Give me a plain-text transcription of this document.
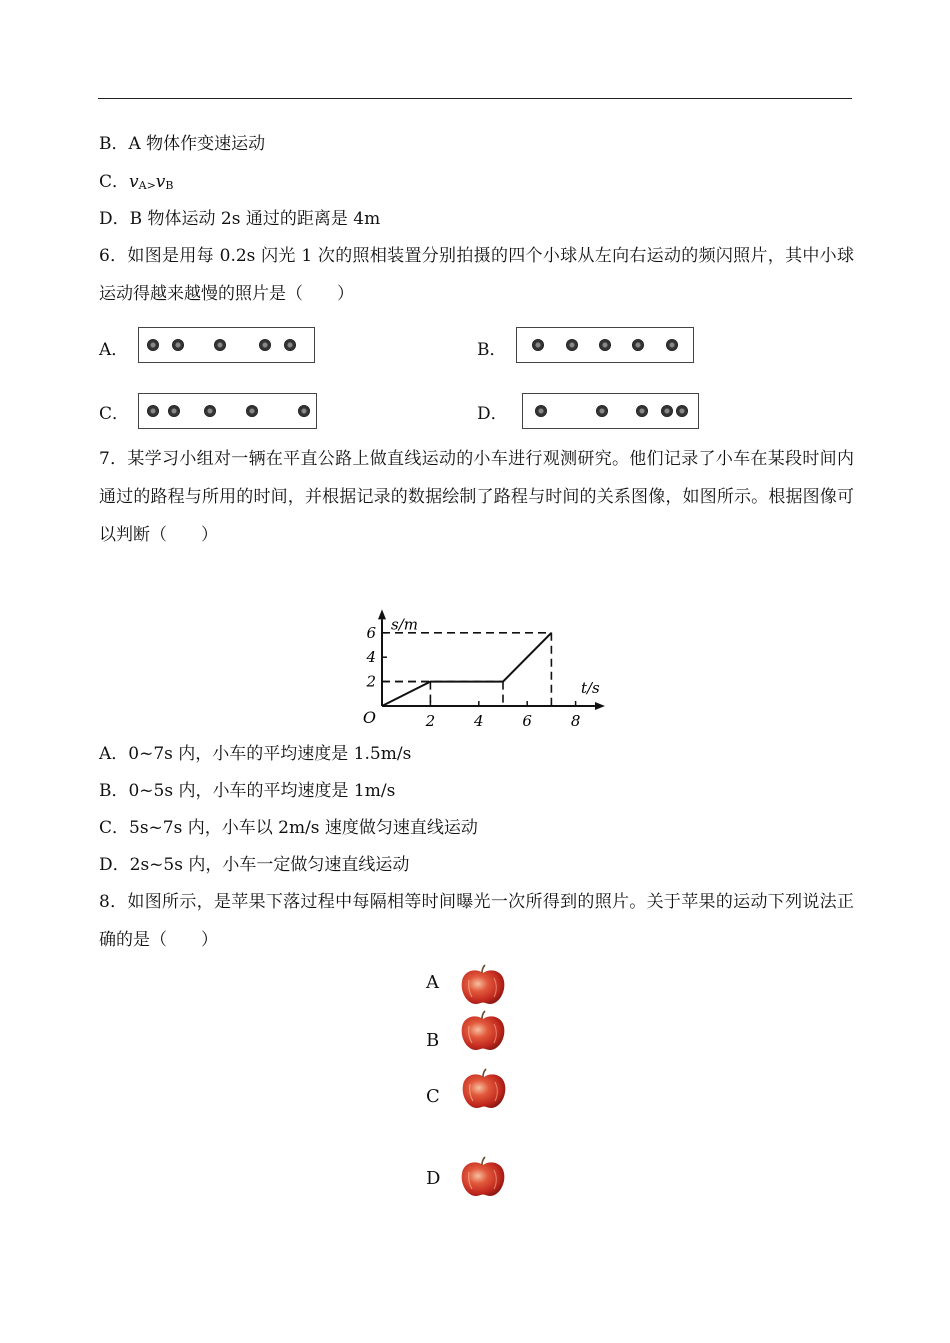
B．A 物体作变速运动
C．vA>vB
D．B 物体运动 2s 通过的距离是 4m
6．如图是用每 0.2s 闪光 1 次的照相装置分别拍摄的四个小球从左向右运动的频闪照片，其中小球运动得越来越慢的照片是（　　）
A．	B．
C．	D．
7．某学习小组对一辆在平直公路上做直线运动的小车进行观测研究。他们记录了小车在某段时间内通过的路程与所用的时间，并根据记录的数据绘制了路程与时间的关系图像，如图所示。根据图像可以判断（　　）
2	4	6	8
2
4
6
O
s/m
t/s
A．0~7s 内，小车的平均速度是 1.5m/s
B．0~5s 内，小车的平均速度是 1m/s
C．5s~7s 内，小车以 2m/s 速度做匀速直线运动
D．2s~5s 内，小车一定做匀速直线运动
8．如图所示，是苹果下落过程中每隔相等时间曝光一次所得到的照片。关于苹果的运动下列说法正确的是（　　）
A
B
C
D
